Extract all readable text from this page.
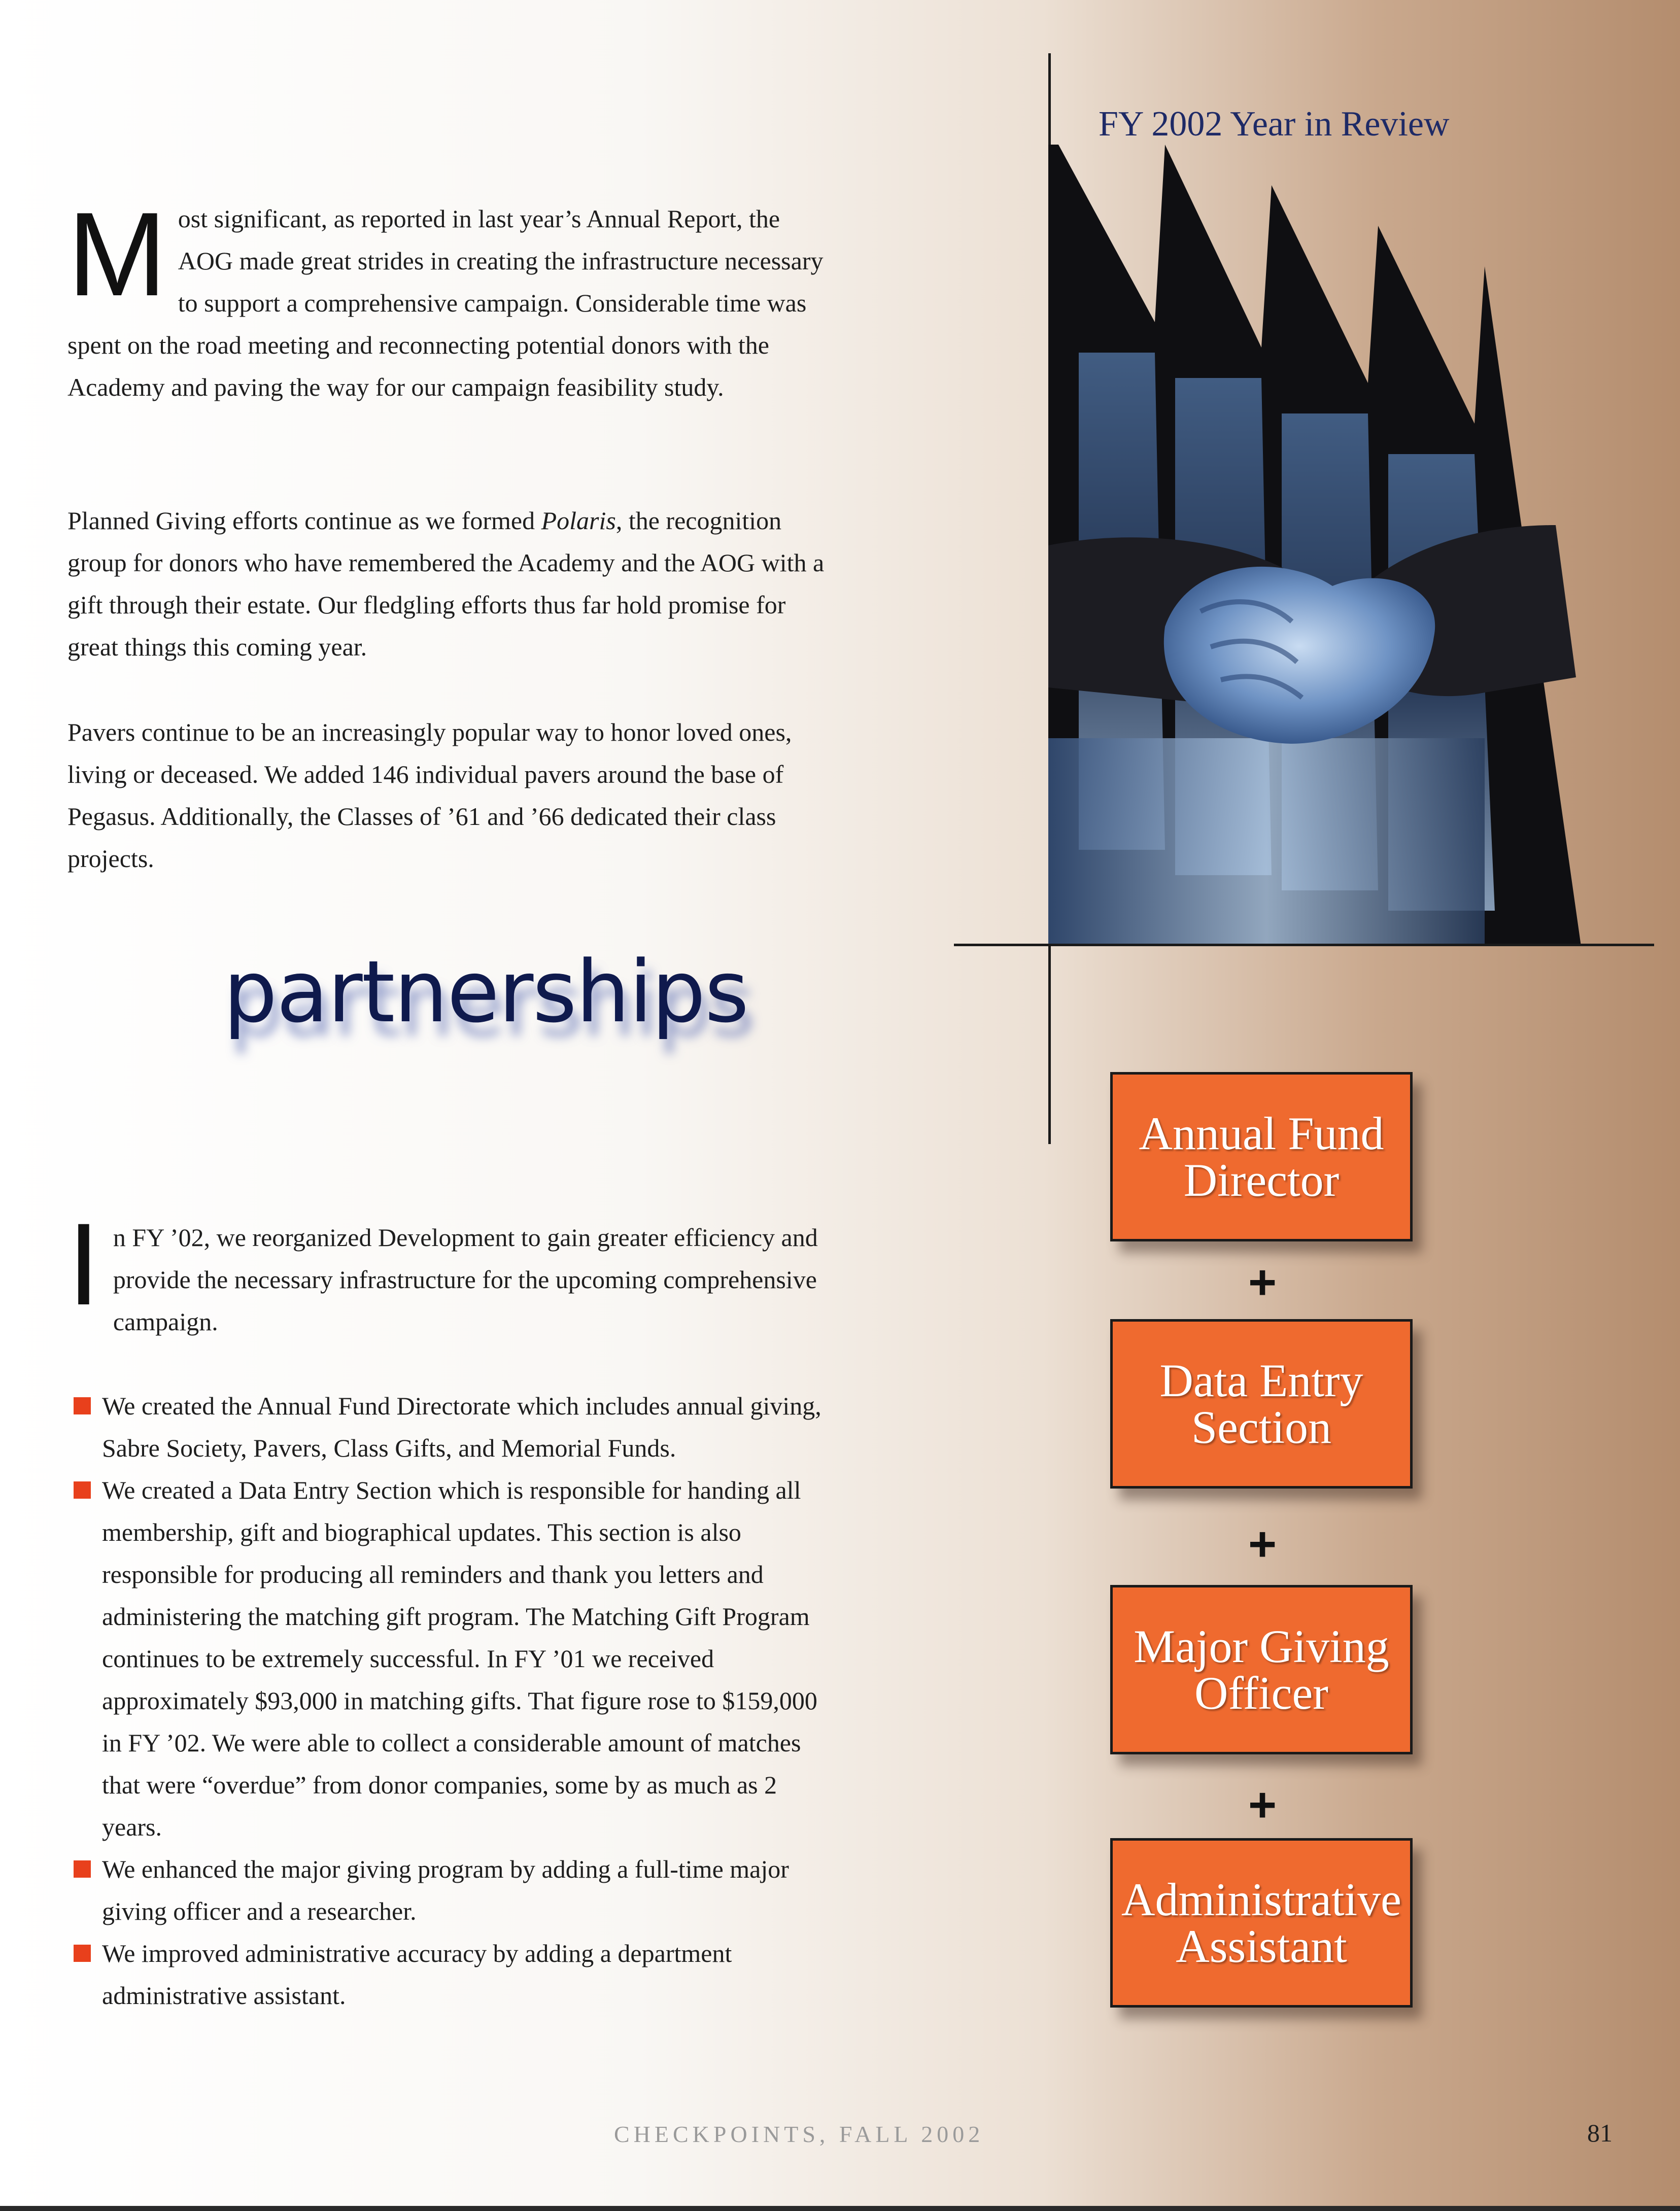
M ost significant, as reported in last year’s Annual Report, the AOG made great strides in creating the infrastructure necessary to support a comprehensive campaign. Considerable time was spent on the road meeting and reconnecting potential donors with the Academy and paving the way for our campaign feasibility study.

Planned Giving efforts continue as we formed Polaris, the recognition group for donors who have remembered the Academy and the AOG with a gift through their estate. Our fledgling efforts thus far hold promise for great things this coming year.

Pavers continue to be an increasingly popular way to honor loved ones, living or deceased. We added 146 individual pavers around the base of Pegasus. Additionally, the Classes of ’61 and ’66 dedicated their class projects.

partnerships

I n FY ’02, we reorganized Development to gain greater efficiency and provide the necessary infrastructure for the upcoming comprehensive campaign.

We created the Annual Fund Directorate which includes annual giving, Sabre Society, Pavers, Class Gifts, and Memorial Funds.
We created a Data Entry Section which is responsible for handing all membership, gift and biographical updates. This section is also responsible for producing all reminders and thank you letters and administering the matching gift program. The Matching Gift Program continues to be extremely successful. In FY ’01 we received approximately $93,000 in matching gifts. That figure rose to $159,000 in FY ’02. We were able to collect a considerable amount of matches that were “overdue” from donor companies, some by as much as 2 years.
We enhanced the major giving program by adding a full-time major giving officer and a researcher.
We improved administrative accuracy by adding a department administrative assistant.
FY 2002 Year in Review
Annual Fund
Director
+
Data Entry
Section
+
Major Giving
Officer
+
Administrative
Assistant
CHECKPOINTS, FALL 2002	81
